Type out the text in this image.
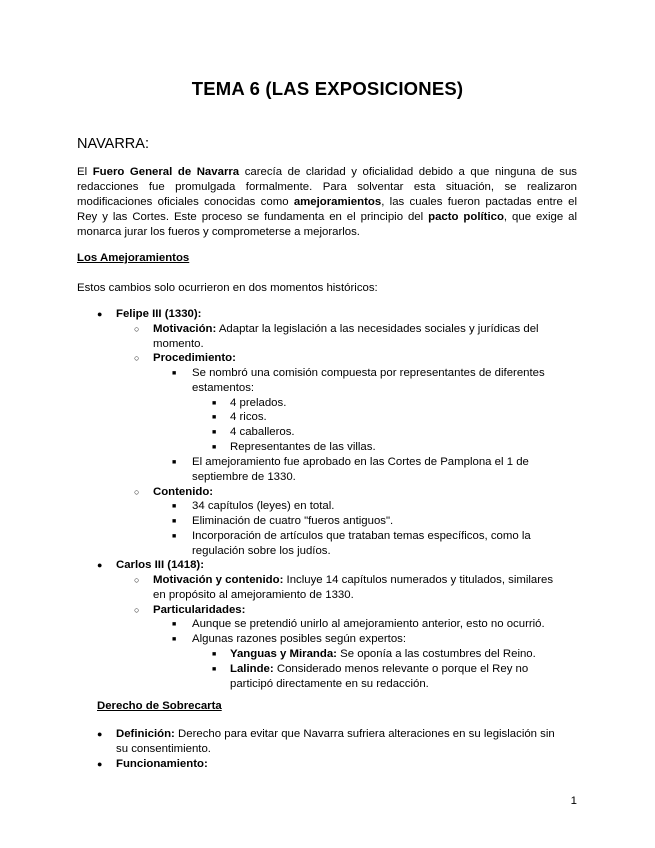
TEMA 6 (LAS EXPOSICIONES)
NAVARRA:
El Fuero General de Navarra carecía de claridad y oficialidad debido a que ninguna de sus redacciones fue promulgada formalmente. Para solventar esta situación, se realizaron modificaciones oficiales conocidas como amejoramientos, las cuales fueron pactadas entre el Rey y las Cortes. Este proceso se fundamenta en el principio del pacto político, que exige al monarca jurar los fueros y comprometerse a mejorarlos.
Los Amejoramientos
Estos cambios solo ocurrieron en dos momentos históricos:
● Felipe III (1330):
○ Motivación: Adaptar la legislación a las necesidades sociales y jurídicas del
momento.
○ Procedimiento:
■ Se nombró una comisión compuesta por representantes de diferentes
estamentos:
■ 4 prelados.
■ 4 ricos.
■ 4 caballeros.
■ Representantes de las villas.
■ El amejoramiento fue aprobado en las Cortes de Pamplona el 1 de
septiembre de 1330.
○ Contenido:
■ 34 capítulos (leyes) en total.
■ Eliminación de cuatro "fueros antiguos".
■ Incorporación de artículos que trataban temas específicos, como la
regulación sobre los judíos.
● Carlos III (1418):
○ Motivación y contenido: Incluye 14 capítulos numerados y titulados, similares
en propósito al amejoramiento de 1330.
○ Particularidades:
■ Aunque se pretendió unirlo al amejoramiento anterior, esto no ocurrió.
■ Algunas razones posibles según expertos:
■ Yanguas y Miranda: Se oponía a las costumbres del Reino.
■ Lalinde: Considerado menos relevante o porque el Rey no
participó directamente en su redacción.
Derecho de Sobrecarta
● Definición: Derecho para evitar que Navarra sufriera alteraciones en su legislación sin
su consentimiento.
● Funcionamiento:
1
